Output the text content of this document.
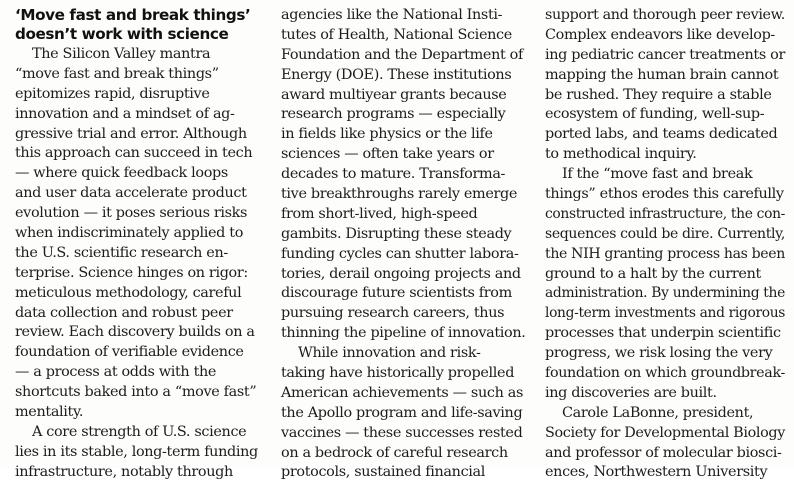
‘Move fast and break things’
doesn’t work with science
The Silicon Valley mantra
“move fast and break things”
epitomizes rapid, disruptive
innovation and a mindset of ag-
gressive trial and error. Although
this approach can succeed in tech
— where quick feedback loops
and user data accelerate product
evolution — it poses serious risks
when indiscriminately applied to
the U.S. scientific research en-
terprise. Science hinges on rigor:
meticulous methodology, careful
data collection and robust peer
review. Each discovery builds on a
foundation of verifiable evidence
— a process at odds with the
shortcuts baked into a “move fast”
mentality.
A core strength of U.S. science
lies in its stable, long-term funding
infrastructure, notably through
agencies like the National Insti-
tutes of Health, National Science
Foundation and the Department of
Energy (DOE). These institutions
award multiyear grants because
research programs — especially
in fields like physics or the life
sciences — often take years or
decades to mature. Transforma-
tive breakthroughs rarely emerge
from short-lived, high-speed
gambits. Disrupting these steady
funding cycles can shutter labora-
tories, derail ongoing projects and
discourage future scientists from
pursuing research careers, thus
thinning the pipeline of innovation.
While innovation and risk-
taking have historically propelled
American achievements — such as
the Apollo program and life-saving
vaccines — these successes rested
on a bedrock of careful research
protocols, sustained financial
support and thorough peer review.
Complex endeavors like develop-
ing pediatric cancer treatments or
mapping the human brain cannot
be rushed. They require a stable
ecosystem of funding, well-sup-
ported labs, and teams dedicated
to methodical inquiry.
If the “move fast and break
things” ethos erodes this carefully
constructed infrastructure, the con-
sequences could be dire. Currently,
the NIH granting process has been
ground to a halt by the current
administration. By undermining the
long-term investments and rigorous
processes that underpin scientific
progress, we risk losing the very
foundation on which groundbreak-
ing discoveries are built.
Carole LaBonne, president,
Society for Developmental Biology
and professor of molecular biosci-
ences, Northwestern University
